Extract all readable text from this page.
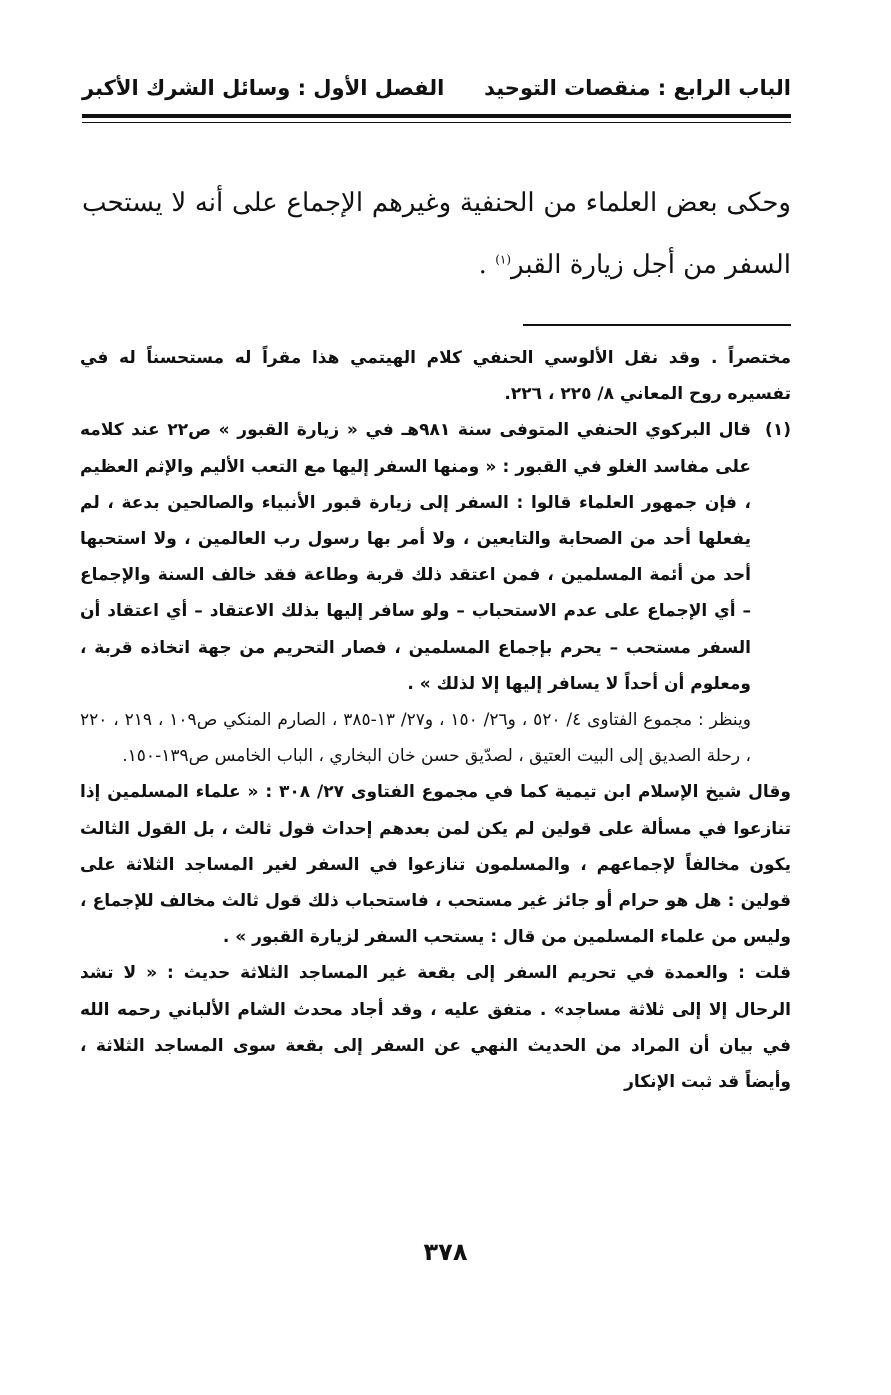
الباب الرابع : منقصات التوحيد
الفصل الأول : وسائل الشرك الأكبر

وحكى بعض العلماء من الحنفية وغيرهم الإجماع على أنه لا يستحب السفر من أجل زيارة القبر$^{(١)}$ .

مختصراً . وقد نقل الألوسي الحنفي كلام الهيتمي هذا مقراً له مستحسناً له في تفسيره روح المعاني ٨/ ٢٢٥ ، ٢٢٦.

(١)

قال البركوي الحنفي المتوفى سنة ٩٨١هـ في « زيارة القبور » ص٢٢ عند كلامه على مفاسد الغلو في القبور : « ومنها السفر إليها مع التعب الأليم والإثم العظيم ، فإن جمهور العلماء قالوا : السفر إلى زيارة قبور الأنبياء والصالحين بدعة ، لم يفعلها أحد من الصحابة والتابعين ، ولا أمر بها رسول رب العالمين ، ولا استحبها أحد من أئمة المسلمين ، فمن اعتقد ذلك قربة وطاعة فقد خالف السنة والإجماع – أي الإجماع على عدم الاستحباب – ولو سافر إليها بذلك الاعتقاد – أي اعتقاد أن السفر مستحب – يحرم بإجماع المسلمين ، فصار التحريم من جهة اتخاذه قربة ، ومعلوم أن أحداً لا يسافر إليها إلا لذلك » .

وينظر : مجموع الفتاوى ٤/ ٥٢٠ ، و٢٦/ ١٥٠ ، و٢٧/ ١٣-٣٨٥ ، الصارم المنكي ص١٠٩ ، ٢١٩ ، ٢٢٠ ، رحلة الصديق إلى البيت العتيق ، لصدّيق حسن خان البخاري ، الباب الخامس ص١٣٩-١٥٠.

وقال شيخ الإسلام ابن تيمية كما في مجموع الفتاوى ٢٧/ ٣٠٨ : « علماء المسلمين إذا تنازعوا في مسألة على قولين لم يكن لمن بعدهم إحداث قول ثالث ، بل القول الثالث يكون مخالفاً لإجماعهم ، والمسلمون تنازعوا في السفر لغير المساجد الثلاثة على قولين : هل هو حرام أو جائز غير مستحب ، فاستحباب ذلك قول ثالث مخالف للإجماع ، وليس من علماء المسلمين من قال : يستحب السفر لزيارة القبور » .

قلت : والعمدة في تحريم السفر إلى بقعة غير المساجد الثلاثة حديث : « لا تشد الرحال إلا إلى ثلاثة مساجد» . متفق عليه ، وقد أجاد محدث الشام الألباني رحمه الله في بيان أن المراد من الحديث النهي عن السفر إلى بقعة سوى المساجد الثلاثة ، وأيضاً قد ثبت الإنكار

٣٧٨
